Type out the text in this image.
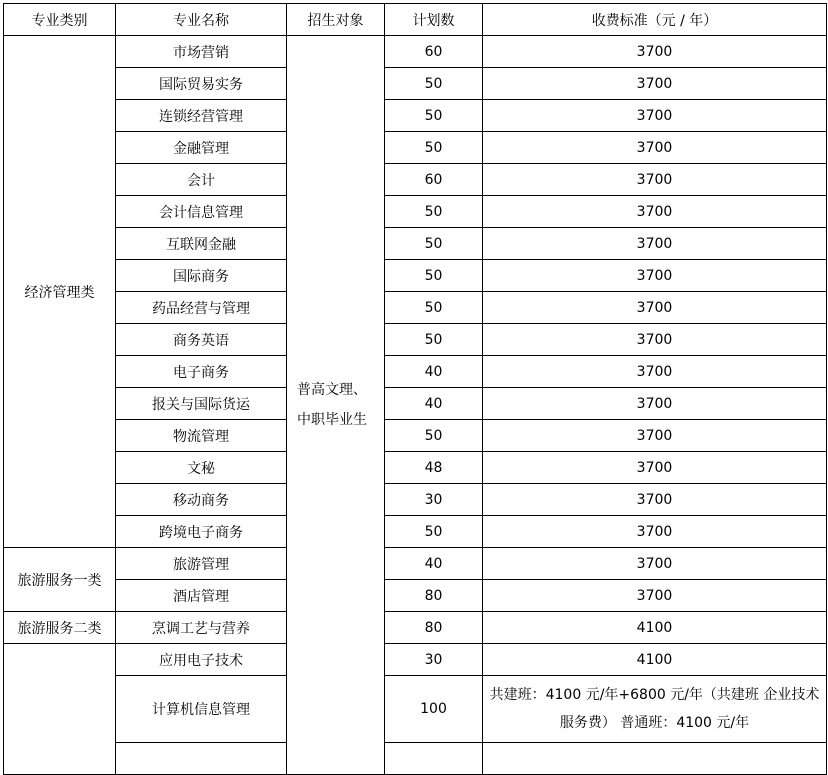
专业类别	专业名称	招生对象	计划数	收费标准（元 / 年）
经济管理类	市场营销	普高文理、中职毕业生	60	3700
	国际贸易实务		50	3700
	连锁经营管理		50	3700
	金融管理		50	3700
	会计		60	3700
	会计信息管理		50	3700
	互联网金融		50	3700
	国际商务		50	3700
	药品经营与管理		50	3700
	商务英语		50	3700
	电子商务		40	3700
	报关与国际货运		40	3700
	物流管理		50	3700
	文秘		48	3700
	移动商务		30	3700
	跨境电子商务		50	3700
旅游服务一类	旅游管理		40	3700
	酒店管理		80	3700
旅游服务二类	烹调工艺与营养		80	4100
	应用电子技术		30	4100
	计算机信息管理		100	共建班：4100 元/年+6800 元/年（共建班 企业技术服务费） 普通班：4100 元/年
